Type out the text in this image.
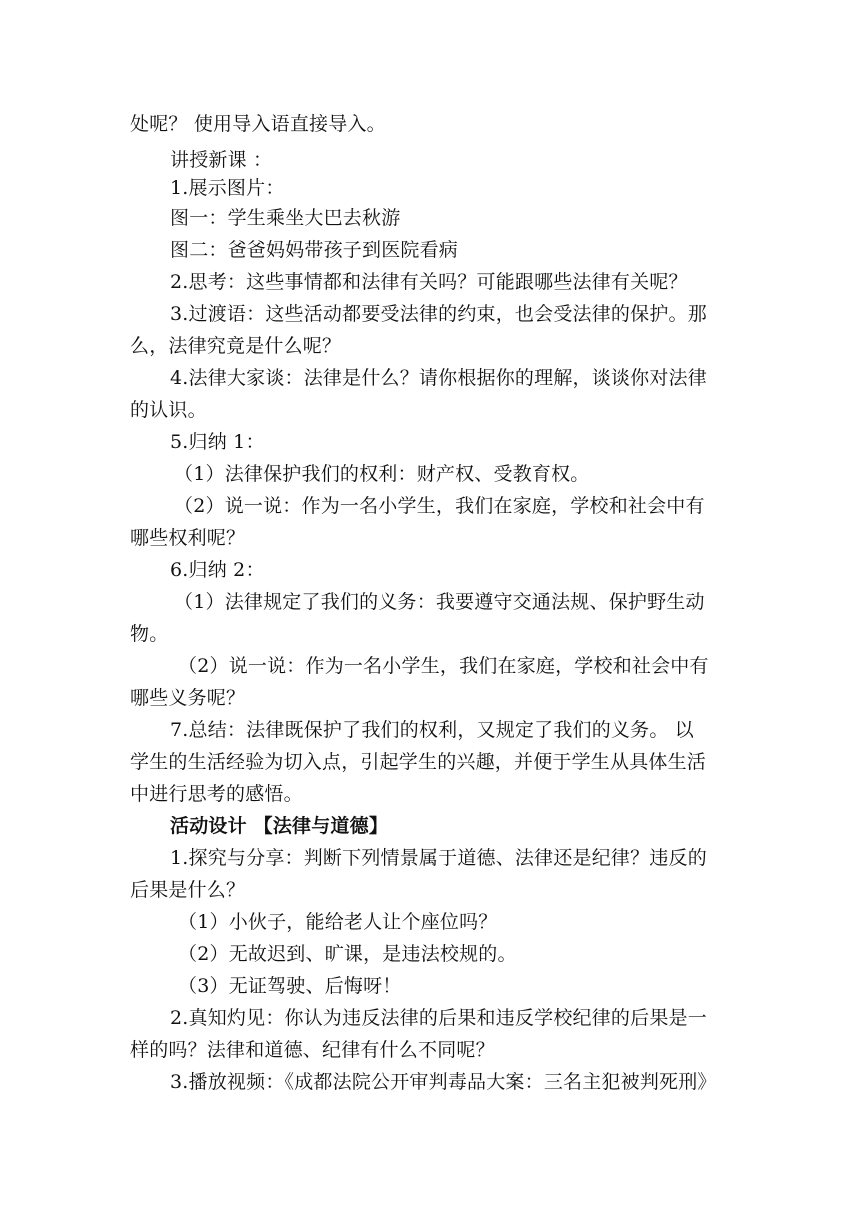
处呢？ 使用导入语直接导入。
讲授新课 ：
1.展示图片：
图一：学生乘坐大巴去秋游
图二：爸爸妈妈带孩子到医院看病
2.思考：这些事情都和法律有关吗？可能跟哪些法律有关呢？
3.过渡语：这些活动都要受法律的约束，也会受法律的保护。那
么，法律究竟是什么呢？
4.法律大家谈：法律是什么？请你根据你的理解，谈谈你对法律
的认识。
5.归纳 1：
（1）法律保护我们的权利：财产权、受教育权。
（2）说一说：作为一名小学生，我们在家庭，学校和社会中有
哪些权利呢？
6.归纳 2：
（1）法律规定了我们的义务：我要遵守交通法规、保护野生动
物。
（2）说一说：作为一名小学生，我们在家庭，学校和社会中有
哪些义务呢？
7.总结：法律既保护了我们的权利，又规定了我们的义务。 以
学生的生活经验为切入点，引起学生的兴趣，并便于学生从具体生活
中进行思考的感悟。
活动设计 【法律与道德】
1.探究与分享：判断下列情景属于道德、法律还是纪律？违反的
后果是什么？
（1）小伙子，能给老人让个座位吗？
（2）无故迟到、旷课，是违法校规的。
（3）无证驾驶、后悔呀！
2.真知灼见：你认为违反法律的后果和违反学校纪律的后果是一
样的吗？法律和道德、纪律有什么不同呢？
3.播放视频：《成都法院公开审判毒品大案：三名主犯被判死刑》
